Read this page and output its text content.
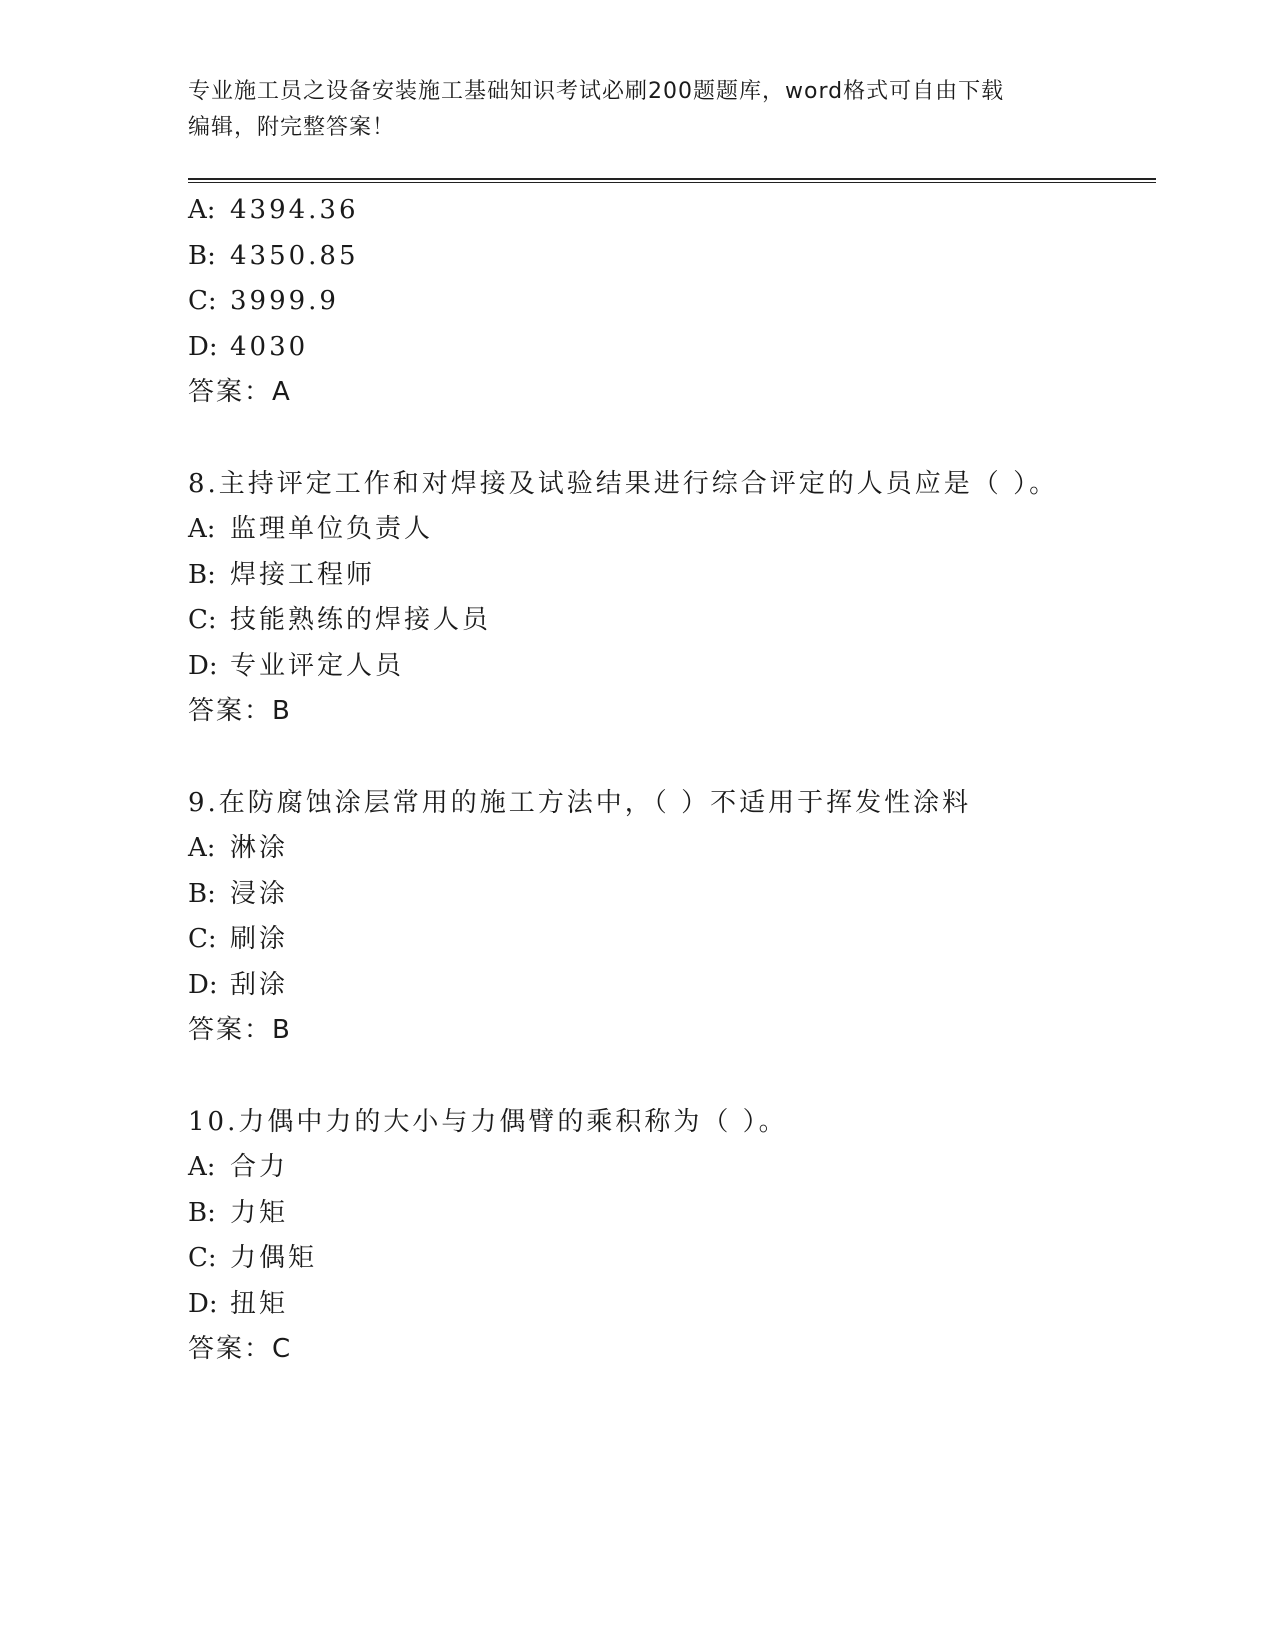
专业施工员之设备安装施工基础知识考试必刷200题题库，word格式可自由下载
编辑，附完整答案！
A: 4394.36
B: 4350.85
C: 3999.9
D: 4030
答案：A
8.主持评定工作和对焊接及试验结果进行综合评定的人员应是（ ）。
A: 监理单位负责人
B: 焊接工程师
C: 技能熟练的焊接人员
D: 专业评定人员
答案：B
9.在防腐蚀涂层常用的施工方法中，（ ）不适用于挥发性涂料
A: 淋涂
B: 浸涂
C: 刷涂
D: 刮涂
答案：B
10.力偶中力的大小与力偶臂的乘积称为（ ）。
A: 合力
B: 力矩
C: 力偶矩
D: 扭矩
答案：C
